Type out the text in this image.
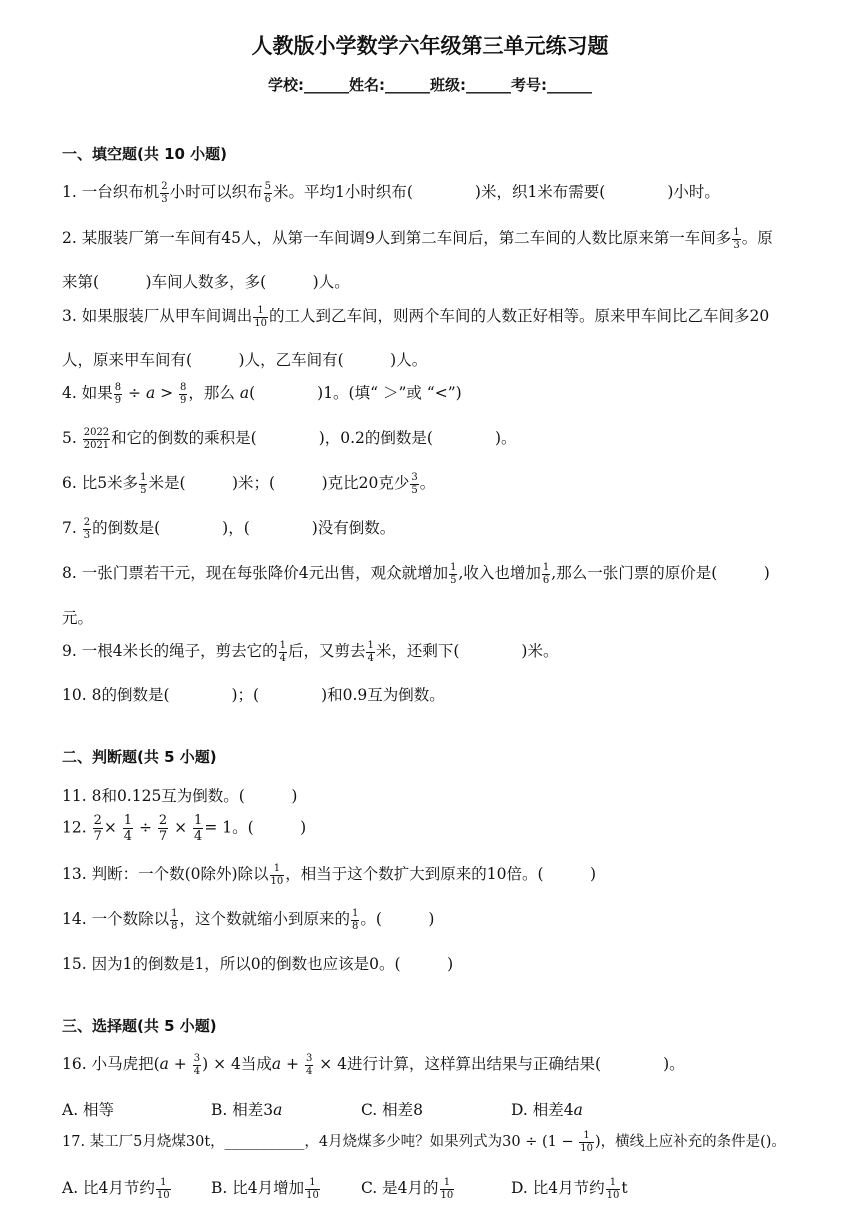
人教版小学数学六年级第三单元练习题
学校:______姓名:______班级:______考号:______
一、填空题(共 10 小题)
1. 一台织布机 $\frac{2}{3}$ 小时可以织布 $\frac{5}{6}$ 米。平均1小时织布(　　　　)米，织1米布需要(　　　　)小时。
2. 某服装厂第一车间有45人，从第一车间调9人到第二车间后，第二车间的人数比原来第一车间多 $\frac{1}{3}$ 。原
来第(　　　)车间人数多，多(　　　)人。
3. 如果服装厂从甲车间调出 $\frac{1}{10}$ 的工人到乙车间，则两个车间的人数正好相等。原来甲车间比乙车间多20
人，原来甲车间有(　　　)人，乙车间有(　　　)人。
4. 如果 $\frac{8}{9} \div a > \frac{8}{9}$ ，那么 a(　　　　)1。(填“ ＞”或 “<”)
5. $\frac{2022}{2021}$ 和它的倒数的乘积是(　　　　)，0.2的倒数是(　　　　)。
6. 比5米多 $\frac{1}{5}$ 米是(　　　)米；(　　　)克比20克少 $\frac{3}{5}$ 。
7. $\frac{2}{3}$ 的倒数是(　　　　)，(　　　　)没有倒数。
8. 一张门票若干元，现在每张降价4元出售，观众就增加 $\frac{1}{5}$ ,收入也增加 $\frac{1}{6}$ ,那么一张门票的原价是(　　　)
元。
9. 一根4米长的绳子，剪去它的 $\frac{1}{4}$ 后，又剪去 $\frac{1}{4}$ 米，还剩下(　　　　)米。
10. 8的倒数是(　　　　)；(　　　　)和0.9互为倒数。
二、判断题(共 5 小题)
11. 8和0.125互为倒数。(　　　)
12. $\frac{2}{7} \times \frac{1}{4} \div \frac{2}{7} \times \frac{1}{4} = 1$。(　　　)
13. 判断：一个数(0除外)除以 $\frac{1}{10}$ ，相当于这个数扩大到原来的10倍。(　　　)
14. 一个数除以 $\frac{1}{8}$ ，这个数就缩小到原来的 $\frac{1}{8}$ 。(　　　)
15. 因为1的倒数是1，所以0的倒数也应该是0。(　　　)
三、选择题(共 5 小题)
16. 小马虎把($a + \frac{3}{4}$ ) × 4当成$a + \frac{3}{4} \times 4$进行计算，这样算出结果与正确结果(　　　　)。
A. 相等	B. 相差3a	C. 相差8	D. 相差4a
17. 某工厂5月烧煤30t，___________，4月烧煤多少吨？如果列式为$30 \div (1 - \frac{1}{10}$ )，横线上应补充的条件是()。
A. 比4月节约 $\frac{1}{10}$	B. 比4月增加 $\frac{1}{10}$	C. 是4月的 $\frac{1}{10}$	D. 比4月节约 $\frac{1}{10}$ t
